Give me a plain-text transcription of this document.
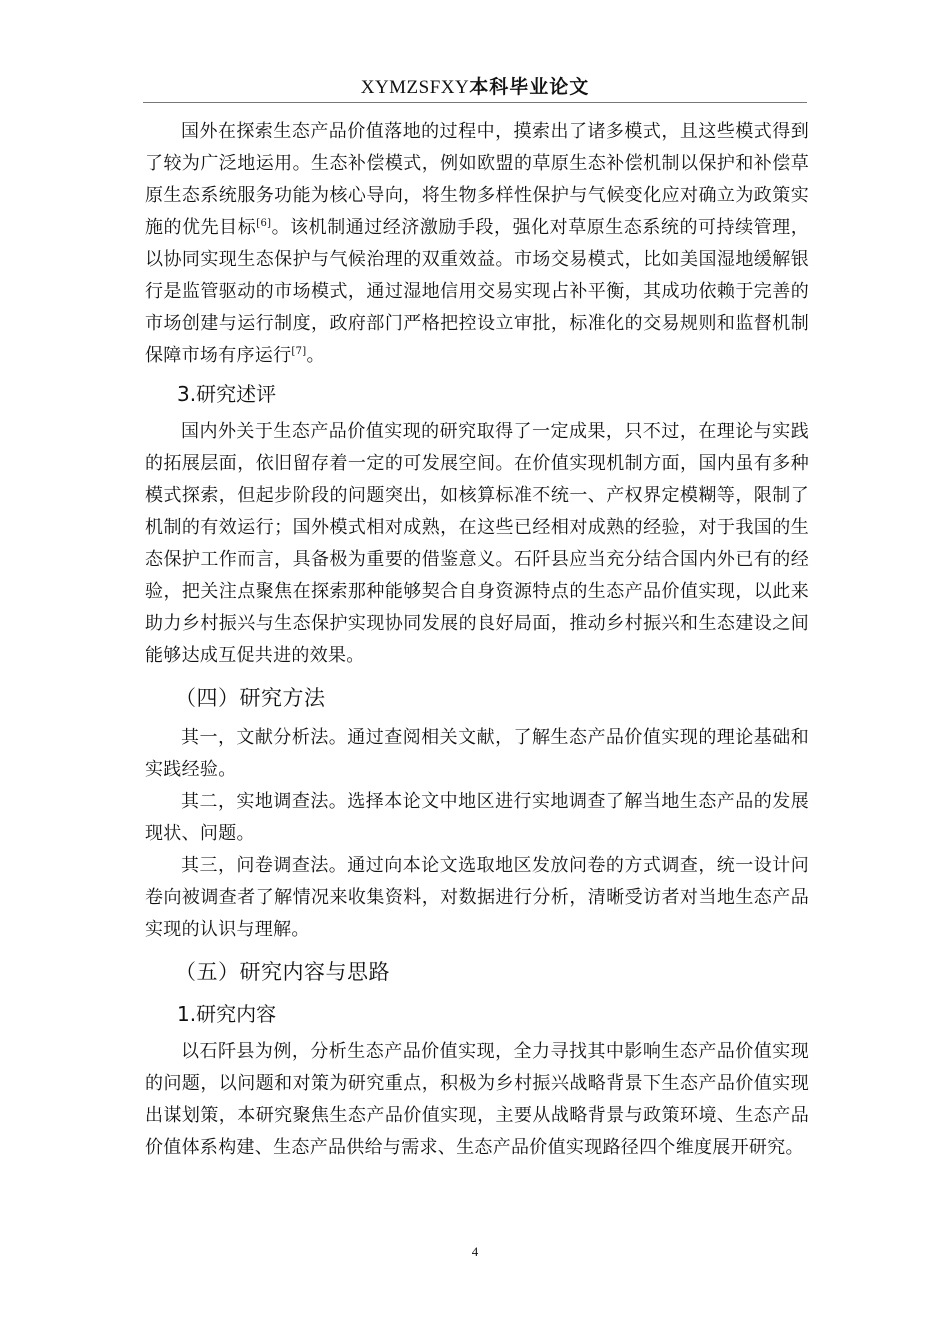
XYMZSFXY本科毕业论文

国外在探索生态产品价值落地的过程中，摸索出了诸多模式，且这些模式得到了较为广泛地运用。生态补偿模式，例如欧盟的草原生态补偿机制以保护和补偿草原生态系统服务功能为核心导向，将生物多样性保护与气候变化应对确立为政策实施的优先目标[6]。该机制通过经济激励手段，强化对草原生态系统的可持续管理，以协同实现生态保护与气候治理的双重效益。市场交易模式，比如美国湿地缓解银行是监管驱动的市场模式，通过湿地信用交易实现占补平衡，其成功依赖于完善的市场创建与运行制度，政府部门严格把控设立审批，标准化的交易规则和监督机制保障市场有序运行[7]。

3.研究述评

国内外关于生态产品价值实现的研究取得了一定成果，只不过，在理论与实践的拓展层面，依旧留存着一定的可发展空间。在价值实现机制方面，国内虽有多种模式探索，但起步阶段的问题突出，如核算标准不统一、产权界定模糊等，限制了机制的有效运行；国外模式相对成熟，在这些已经相对成熟的经验，对于我国的生态保护工作而言，具备极为重要的借鉴意义。石阡县应当充分结合国内外已有的经验，把关注点聚焦在探索那种能够契合自身资源特点的生态产品价值实现，以此来助力乡村振兴与生态保护实现协同发展的良好局面，推动乡村振兴和生态建设之间能够达成互促共进的效果。

（四）研究方法

其一，文献分析法。通过查阅相关文献，了解生态产品价值实现的理论基础和实践经验。

其二，实地调查法。选择本论文中地区进行实地调查了解当地生态产品的发展现状、问题。

其三，问卷调查法。通过向本论文选取地区发放问卷的方式调查，统一设计问卷向被调查者了解情况来收集资料，对数据进行分析，清晰受访者对当地生态产品实现的认识与理解。

（五）研究内容与思路
1.研究内容

以石阡县为例，分析生态产品价值实现，全力寻找其中影响生态产品价值实现的问题，以问题和对策为研究重点，积极为乡村振兴战略背景下生态产品价值实现出谋划策，本研究聚焦生态产品价值实现，主要从战略背景与政策环境、生态产品价值体系构建、生态产品供给与需求、生态产品价值实现路径四个维度展开研究。

4
